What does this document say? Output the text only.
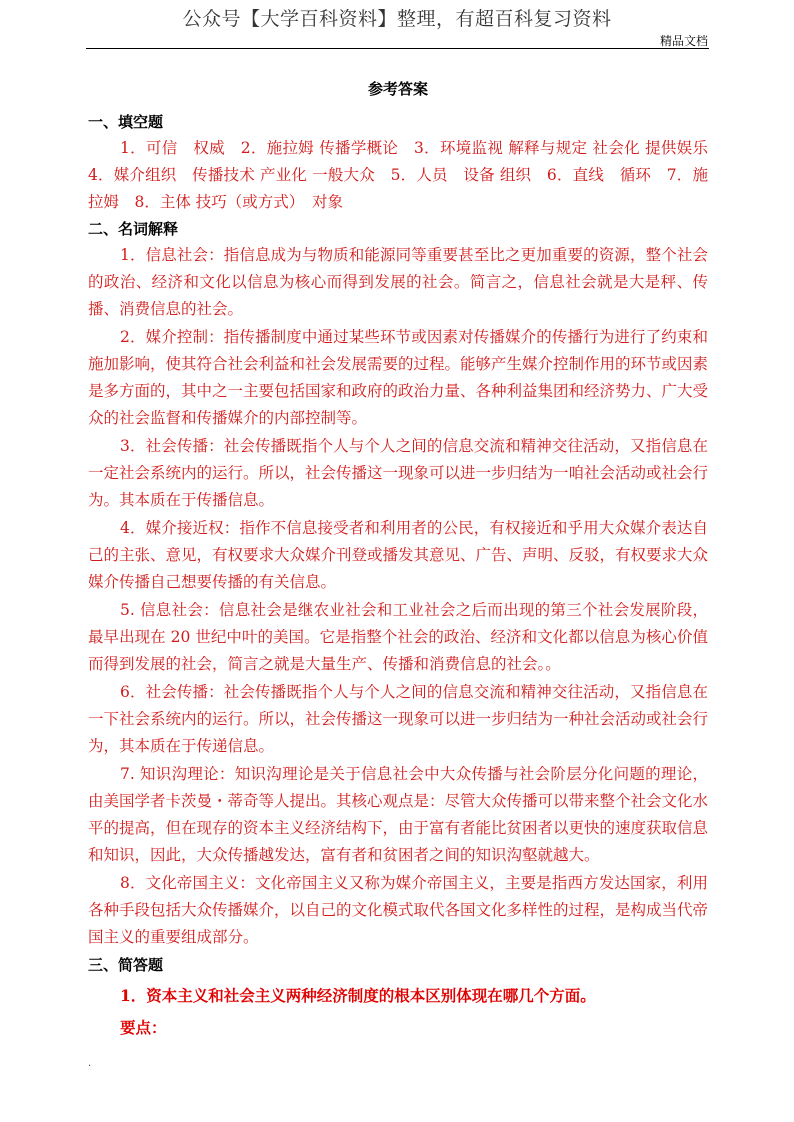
公众号【大学百科资料】整理，有超百科复习资料
精品文档

参考答案

一、填空题

1．可信　权威　2．施拉姆 传播学概论　3．环境监视 解释与规定 社会化 提供娱乐　4．媒介组织　传播技术 产业化 一般大众　5．人员　设备 组织　6．直线　循环　7．施拉姆　8．主体 技巧（或方式）　对象

二、名词解释

1．信息社会：指信息成为与物质和能源同等重要甚至比之更加重要的资源，整个社会的政治、经济和文化以信息为核心而得到发展的社会。简言之，信息社会就是大是秤、传播、消费信息的社会。

2．媒介控制：指传播制度中通过某些环节或因素对传播媒介的传播行为进行了约束和施加影响，使其符合社会利益和社会发展需要的过程。能够产生媒介控制作用的环节或因素是多方面的，其中之一主要包括国家和政府的政治力量、各种利益集团和经济势力、广大受众的社会监督和传播媒介的内部控制等。

3．社会传播：社会传播既指个人与个人之间的信息交流和精神交往活动，又指信息在一定社会系统内的运行。所以，社会传播这一现象可以进一步归结为一咱社会活动或社会行为。其本质在于传播信息。

4．媒介接近权：指作不信息接受者和利用者的公民，有权接近和乎用大众媒介表达自己的主张、意见，有权要求大众媒介刊登或播发其意见、广告、声明、反驳，有权要求大众媒介传播自己想要传播的有关信息。

5. 信息社会：信息社会是继农业社会和工业社会之后而出现的第三个社会发展阶段，最早出现在 20 世纪中叶的美国。它是指整个社会的政治、经济和文化都以信息为核心价值而得到发展的社会，简言之就是大量生产、传播和消费信息的社会。。

6．社会传播：社会传播既指个人与个人之间的信息交流和精神交往活动，又指信息在一下社会系统内的运行。所以，社会传播这一现象可以进一步归结为一种社会活动或社会行为，其本质在于传递信息。

7. 知识沟理论：知识沟理论是关于信息社会中大众传播与社会阶层分化问题的理论，由美国学者卡茨曼・蒂奇等人提出。其核心观点是：尽管大众传播可以带来整个社会文化水平的提高，但在现存的资本主义经济结构下，由于富有者能比贫困者以更快的速度获取信息和知识，因此，大众传播越发达，富有者和贫困者之间的知识沟壑就越大。

8．文化帝国主义：文化帝国主义又称为媒介帝国主义，主要是指西方发达国家，利用各种手段包括大众传播媒介，以自己的文化模式取代各国文化多样性的过程，是构成当代帝国主义的重要组成部分。

三、简答题

1．资本主义和社会主义两种经济制度的根本区别体现在哪几个方面。

要点：

.
